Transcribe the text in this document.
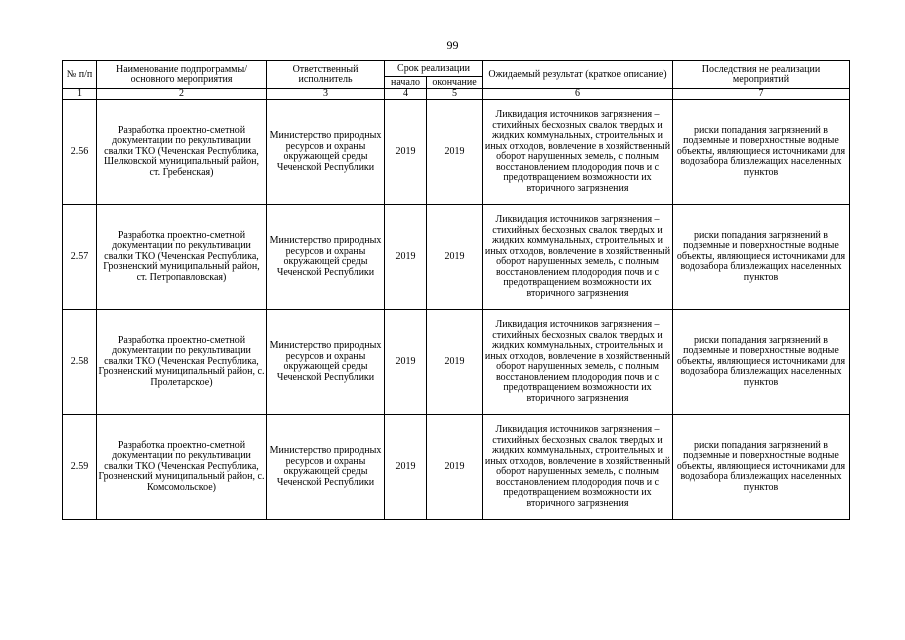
99
№ п/п	Наименование подпрограммы/ основного мероприятия	Ответственный исполнитель	Срок реализации		Ожидаемый результат (краткое описание)	Последствия не реализации мероприятий
			начало	окончание		
1	2	3	4	5	6	7
2.56	Разработка проектно-сметной документации по рекультивации свалки ТКО (Чеченская Республика, Шелковской муниципальный район, ст. Гребенская)	Министерство природных ресурсов и охраны окружающей среды Чеченской Республики	2019	2019	Ликвидация источников загрязнения – стихийных бесхозных свалок твердых и жидких коммунальных, строительных и иных отходов, вовлечение в хозяйственный оборот нарушенных земель, с полным восстановлением плодородия почв и с предотвращением возможности их вторичного загрязнения	риски попадания загрязнений в подземные и поверхностные водные объекты, являющиеся источниками для водозабора близлежащих населенных пунктов
2.57	Разработка проектно-сметной документации по рекультивации свалки ТКО (Чеченская Республика, Грозненский муниципальный район, ст. Петропавловская)	Министерство природных ресурсов и охраны окружающей среды Чеченской Республики	2019	2019	Ликвидация источников загрязнения – стихийных бесхозных свалок твердых и жидких коммунальных, строительных и иных отходов, вовлечение в хозяйственный оборот нарушенных земель, с полным восстановлением плодородия почв и с предотвращением возможности их вторичного загрязнения	риски попадания загрязнений в подземные и поверхностные водные объекты, являющиеся источниками для водозабора близлежащих населенных пунктов
2.58	Разработка проектно-сметной документации по рекультивации свалки ТКО (Чеченская Республика, Грозненский муниципальный район, с. Пролетарское)	Министерство природных ресурсов и охраны окружающей среды Чеченской Республики	2019	2019	Ликвидация источников загрязнения – стихийных бесхозных свалок твердых и жидких коммунальных, строительных и иных отходов, вовлечение в хозяйственный оборот нарушенных земель, с полным восстановлением плодородия почв и с предотвращением возможности их вторичного загрязнения	риски попадания загрязнений в подземные и поверхностные водные объекты, являющиеся источниками для водозабора близлежащих населенных пунктов
2.59	Разработка проектно-сметной документации по рекультивации свалки ТКО (Чеченская Республика, Грозненский муниципальный район, с. Комсомольское)	Министерство природных ресурсов и охраны окружающей среды Чеченской Республики	2019	2019	Ликвидация источников загрязнения – стихийных бесхозных свалок твердых и жидких коммунальных, строительных и иных отходов, вовлечение в хозяйственный оборот нарушенных земель, с полным восстановлением плодородия почв и с предотвращением возможности их вторичного загрязнения	риски попадания загрязнений в подземные и поверхностные водные объекты, являющиеся источниками для водозабора близлежащих населенных пунктов
